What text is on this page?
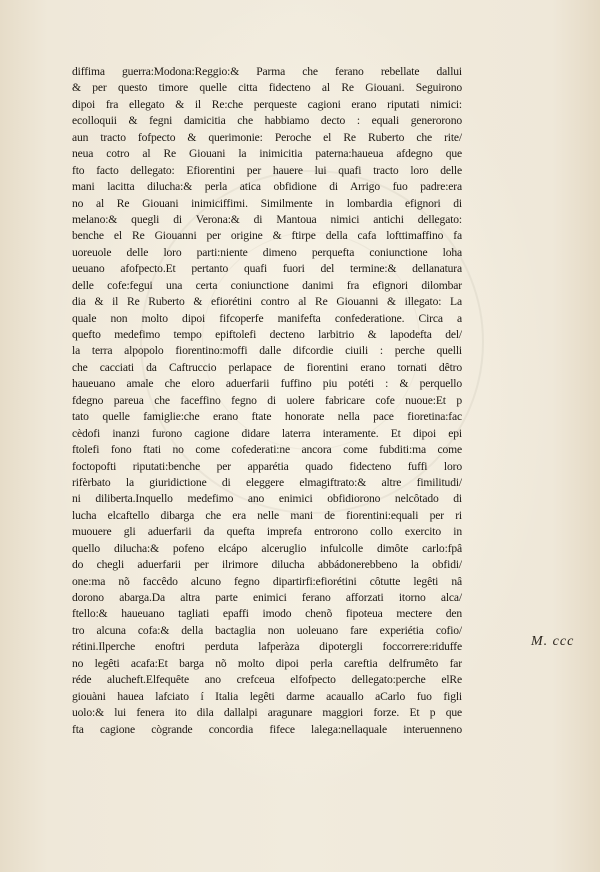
diffima guerra:Modona:Reggio:& Parma che ferano rebellate dallui
& per questo timore quelle citta fidecteno al Re Giouani. Seguirono
dipoi fra ellegato & il Re:che perqueste cagioni erano riputati nimici:
ecolloquii & fegni damicitia che habbiamo decto : equali generorono
aun tracto fofpecto & querimonie: Peroche el Re Ruberto che rite/
neua cotro al Re Giouani la inimicitia paterna:haueua afdegno que
fto facto dellegato: Efiorentini per hauere lui quafi tracto loro delle
mani lacitta dilucha:& perla atica obfidione di Arrigo fuo padre:era
no al Re Giouani inimiciffimi. Similmente in lombardia efignori di
melano:& quegli di Verona:& di Mantoua nimici antichi dellegato:
benche el Re Giouanni per origine & ftirpe della cafa lofttimaffino fa
uoreuole delle loro parti:niente dimeno perquefta coniunctione loha
ueuano afofpecto.Et pertanto quafi fuori del termine:& dellanatura
delle cofe:fegui una certa coniunctione danimi fra efignori dilombar
dia & il Re Ruberto & efiorétini contro al Re Giouanni & illegato: La
quale non molto dipoi fifcoperfe manifefta confederatione. Circa a
quefto medefimo tempo epiftolefi decteno larbitrio & lapodefta del/
la terra alpopolo fiorentino:moffi dalle difcordie ciuili : perche quelli
che cacciati da Caftruccio perlapace de fiorentini erano tornati dêtro
haueuano amale che eloro aduerfarii fuffino piu potéti : & perquello
fdegno pareua che faceffino fegno di uolere fabricare cofe nuoue:Et p
tato quelle famiglie:che erano ftate honorate nella pace fioretina:fac
cèdofi inanzi furono cagione didare laterra interamente. Et dipoi epi
ftolefi fono ftati no come cofederati:ne ancora come fubditi:ma come
foctopofti riputati:benche per apparétia quado fidecteno fuffi loro
rifèrbato la giuridictione di eleggere elmagiftrato:& altre fimilitudi/
ni diliberta.Inquello medefimo ano enimici obfidiorono nelcôtado di
lucha elcaftello dibarga che era nelle mani de fiorentini:equali per ri
muouere gli aduerfarii da quefta imprefa entrorono collo exercito in
quello dilucha:& pofeno elcápo alceruglio infulcolle dimôte carlo:fpâ
do chegli aduerfarii per ilrimore dilucha abbádonerebbeno la obfidi/
one:ma nõ faccêdo alcuno fegno dipartirfi:efiorétini côtutte legêti nâ
dorono abarga.Da altra parte enimici ferano afforzati itorno alca/
ftello:& haueuano tagliati epaffi imodo chenõ fipoteua mectere den
tro alcuna cofa:& della bactaglia non uoleuano fare experiétia cofio/
rétini.Ilperche enoftri perduta lafperàza dipotergli foccorrere:riduffe
no legêti acafa:Et barga nõ molto dipoi perla careftia delfrumêto far
réde alucheft.Elfequête ano crefceua elfofpecto dellegato:perche elRe
giouàni hauea lafciato í Italia legêti darme acauallo aCarlo fuo figli
uolo:& lui fenera ito dila dallalpi aragunare maggiori forze. Et p que
fta cagione cògrande concordia fifece lalega:nellaquale interuenneno
M. ccc
